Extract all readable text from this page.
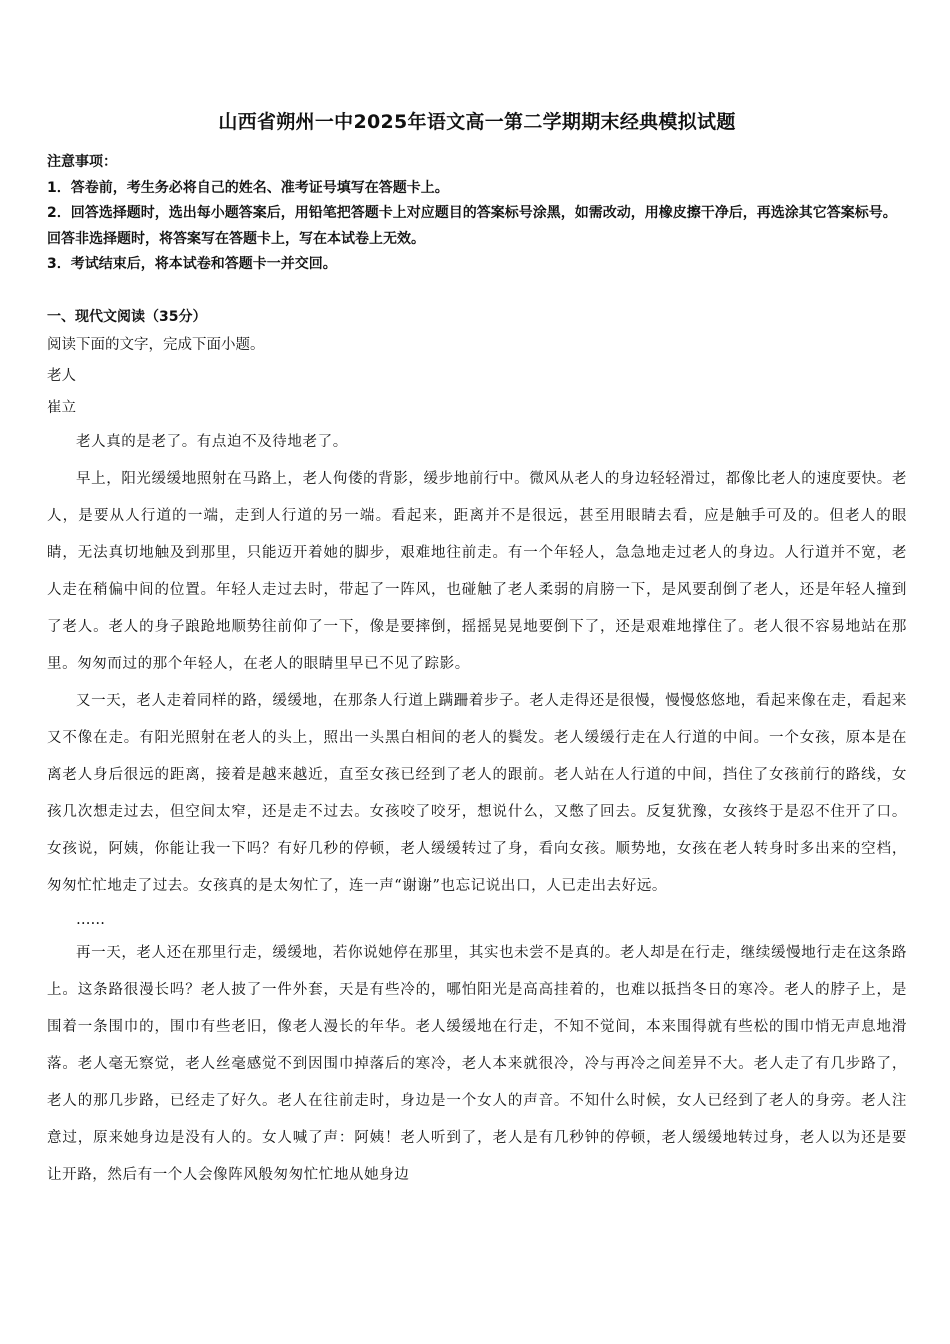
山西省朔州一中2025年语文高一第二学期期末经典模拟试题

注意事项：

1．答卷前，考生务必将自己的姓名、准考证号填写在答题卡上。

2．回答选择题时，选出每小题答案后，用铅笔把答题卡上对应题目的答案标号涂黑，如需改动，用橡皮擦干净后，再选涂其它答案标号。回答非选择题时，将答案写在答题卡上，写在本试卷上无效。

3．考试结束后，将本试卷和答题卡一并交回。

一、现代文阅读（35分）

阅读下面的文字，完成下面小题。

老人

崔立

老人真的是老了。有点迫不及待地老了。

早上，阳光缓缓地照射在马路上，老人佝偻的背影，缓步地前行中。微风从老人的身边轻轻滑过，都像比老人的速度要快。老人，是要从人行道的一端，走到人行道的另一端。看起来，距离并不是很远，甚至用眼睛去看，应是触手可及的。但老人的眼睛，无法真切地触及到那里，只能迈开着她的脚步，艰难地往前走。有一个年轻人，急急地走过老人的身边。人行道并不宽，老人走在稍偏中间的位置。年轻人走过去时，带起了一阵风，也碰触了老人柔弱的肩膀一下，是风要刮倒了老人，还是年轻人撞到了老人。老人的身子踉跄地顺势往前仰了一下，像是要摔倒，摇摇晃晃地要倒下了，还是艰难地撑住了。老人很不容易地站在那里。匆匆而过的那个年轻人，在老人的眼睛里早已不见了踪影。

又一天，老人走着同样的路，缓缓地，在那条人行道上蹒跚着步子。老人走得还是很慢，慢慢悠悠地，看起来像在走，看起来又不像在走。有阳光照射在老人的头上，照出一头黑白相间的老人的鬓发。老人缓缓行走在人行道的中间。一个女孩，原本是在离老人身后很远的距离，接着是越来越近，直至女孩已经到了老人的跟前。老人站在人行道的中间，挡住了女孩前行的路线，女孩几次想走过去，但空间太窄，还是走不过去。女孩咬了咬牙，想说什么，又憋了回去。反复犹豫，女孩终于是忍不住开了口。女孩说，阿姨，你能让我一下吗？有好几秒的停顿，老人缓缓转过了身，看向女孩。顺势地，女孩在老人转身时多出来的空档，匆匆忙忙地走了过去。女孩真的是太匆忙了，连一声“谢谢”也忘记说出口，人已走出去好远。

……

再一天，老人还在那里行走，缓缓地，若你说她停在那里，其实也未尝不是真的。老人却是在行走，继续缓慢地行走在这条路上。这条路很漫长吗？老人披了一件外套，天是有些冷的，哪怕阳光是高高挂着的，也难以抵挡冬日的寒冷。老人的脖子上，是围着一条围巾的，围巾有些老旧，像老人漫长的年华。老人缓缓地在行走，不知不觉间，本来围得就有些松的围巾悄无声息地滑落。老人毫无察觉，老人丝毫感觉不到因围巾掉落后的寒冷，老人本来就很冷，冷与再冷之间差异不大。老人走了有几步路了，老人的那几步路，已经走了好久。老人在往前走时，身边是一个女人的声音。不知什么时候，女人已经到了老人的身旁。老人注意过，原来她身边是没有人的。女人喊了声：阿姨！老人听到了，老人是有几秒钟的停顿，老人缓缓地转过身，老人以为还是要让开路，然后有一个人会像阵风般匆匆忙忙地从她身边
